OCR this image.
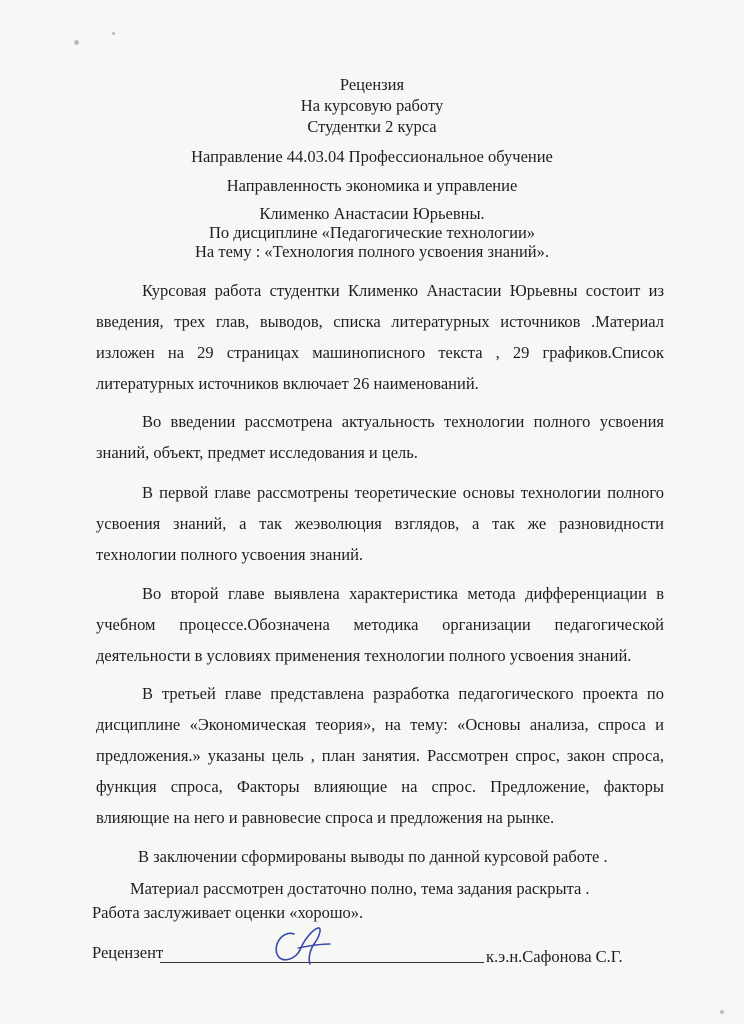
Рецензия
На курсовую работу
Студентки 2 курса
Направление 44.03.04 Профессиональное обучение
Направленность экономика и управление
Клименко Анастасии Юрьевны.
По дисциплине «Педагогические технологии»
На тему : «Технология полного усвоения знаний».
Курсовая работа студентки Клименко Анастасии Юрьевны состоит из введения, трех глав, выводов, списка литературных источников .Материал изложен на 29 страницах машинописного текста , 29 графиков.Список литературных источников включает 26 наименований.
Во введении рассмотрена актуальность технологии полного усвоения знаний, объект, предмет исследования и цель.
В первой главе рассмотрены теоретические основы технологии полного усвоения знаний, а так жеэволюция взглядов, а так же разновидности технологии полного усвоения знаний.
Во второй главе выявлена характеристика метода дифференциации в учебном процессе.Обозначена методика организации педагогической деятельности в условиях применения технологии полного усвоения знаний.
В третьей главе представлена разработка педагогического проекта по дисциплине «Экономическая теория», на тему: «Основы анализа, спроса и предложения.» указаны цель , план занятия. Рассмотрен спрос, закон спроса, функция спроса, Факторы влияющие на спрос. Предложение, факторы влияющие на него и равновесие спроса и предложения на рынке.
В заключении сформированы выводы по данной курсовой работе .
Материал рассмотрен достаточно полно, тема задания раскрыта .
Работа заслуживает оценки «хорошо».
Рецензент	к.э.н.Сафонова С.Г.
